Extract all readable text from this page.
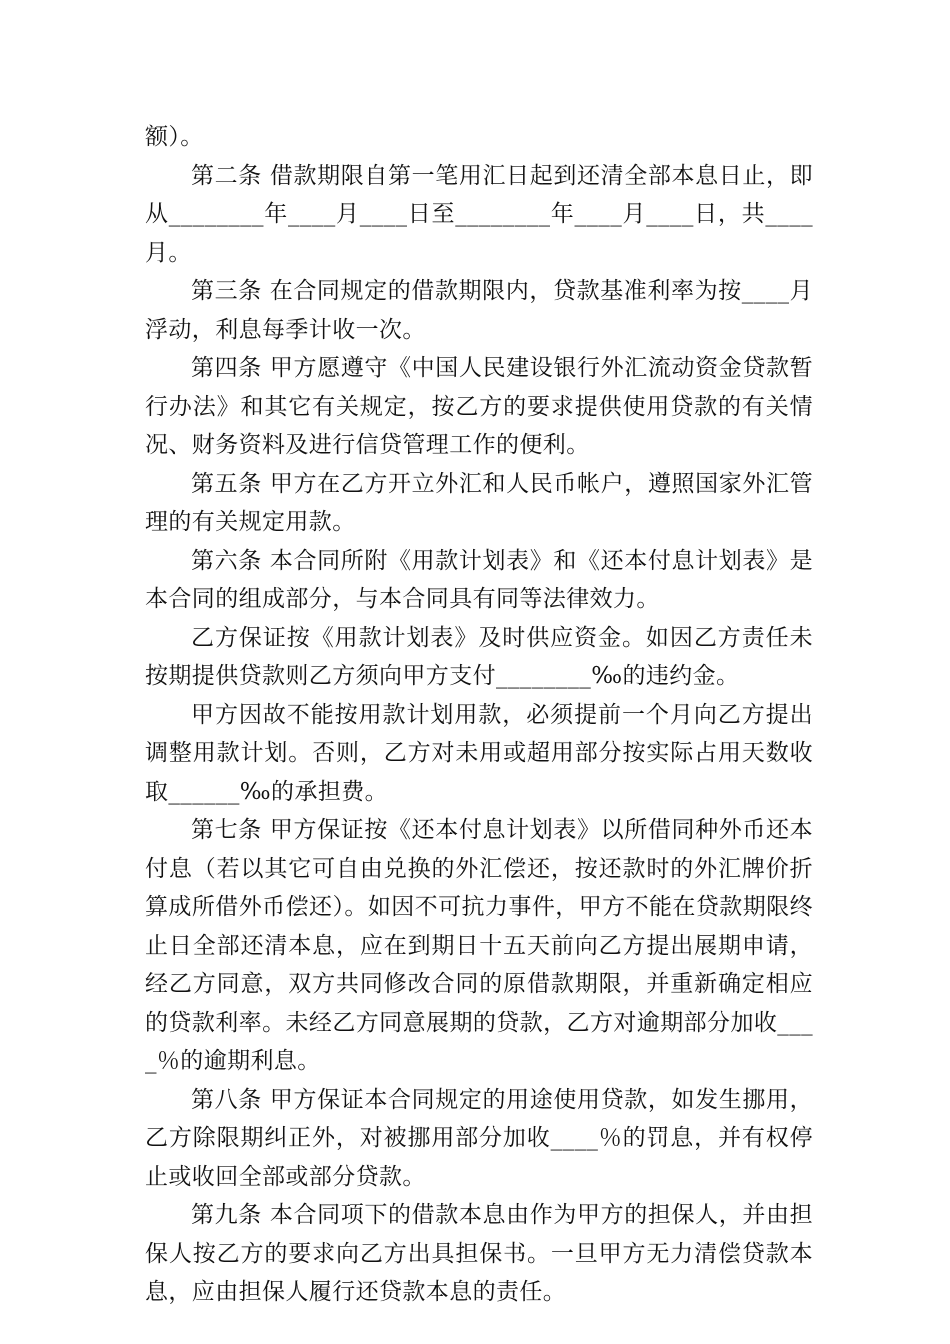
额）。

第二条 借款期限自第一笔用汇日起到还清全部本息日止，即从________年____月____日至________年____月____日，共____月。

第三条 在合同规定的借款期限内，贷款基准利率为按____月浮动，利息每季计收一次。

第四条 甲方愿遵守《中国人民建设银行外汇流动资金贷款暂行办法》和其它有关规定，按乙方的要求提供使用贷款的有关情况、财务资料及进行信贷管理工作的便利。

第五条 甲方在乙方开立外汇和人民币帐户，遵照国家外汇管理的有关规定用款。

第六条 本合同所附《用款计划表》和《还本付息计划表》是本合同的组成部分，与本合同具有同等法律效力。

乙方保证按《用款计划表》及时供应资金。如因乙方责任未按期提供贷款则乙方须向甲方支付________‰的违约金。

甲方因故不能按用款计划用款，必须提前一个月向乙方提出调整用款计划。否则，乙方对未用或超用部分按实际占用天数收取______‰的承担费。

第七条 甲方保证按《还本付息计划表》以所借同种外币还本付息（若以其它可自由兑换的外汇偿还，按还款时的外汇牌价折算成所借外币偿还）。如因不可抗力事件，甲方不能在贷款期限终止日全部还清本息，应在到期日十五天前向乙方提出展期申请，经乙方同意，双方共同修改合同的原借款期限，并重新确定相应的贷款利率。未经乙方同意展期的贷款，乙方对逾期部分加收____％的逾期利息。

第八条 甲方保证本合同规定的用途使用贷款，如发生挪用，乙方除限期纠正外，对被挪用部分加收____％的罚息，并有权停止或收回全部或部分贷款。

第九条 本合同项下的借款本息由作为甲方的担保人，并由担保人按乙方的要求向乙方出具担保书。一旦甲方无力清偿贷款本息，应由担保人履行还贷款本息的责任。
